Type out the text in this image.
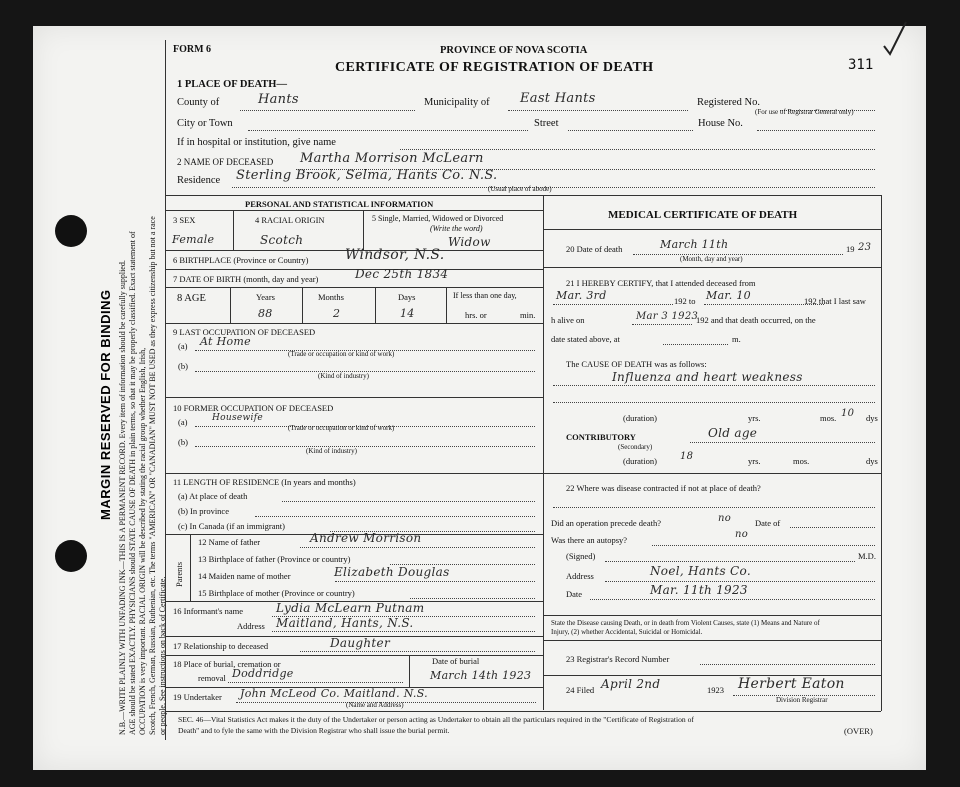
MARGIN RESERVED FOR BINDING N.B.—WRITE PLAINLY WITH UNFADING INK—THIS IS A PERMANENT RECORD. Every item of information should be carefully supplied. AGE should be stated EXACTLY. PHYSICIANS should STATE CAUSE OF DEATH in plain terms, so that it may be properly classified. Exact statement of OCCUPATION is very important. RACIAL ORIGIN will be described by stating the racial group whether English, Irish, Scotch, French, German, Russian, Ruthenian, etc. The terms "AMERICAN" OR "CANADIAN" MUST NOT BE USED as they express citizenship but not a race or people. See instructions on back of Certificate.
FORM 6	PROVINCE OF NOVA SCOTIA
CERTIFICATE OF REGISTRATION OF DEATH	311
1 PLACE OF DEATH—
County of	Hants	Municipality of East Hants	Registered No.
(For use of Registrar General only)
City or Town	Street	House No.
If in hospital or institution, give name
2 NAME OF DECEASED Martha Morrison McLearn
Residence Sterling Brook, Selma, Hants Co. N.S.
(Usual place of abode)
PERSONAL AND STATISTICAL INFORMATION
3 SEX	4 RACIAL ORIGIN	5 Single, Married, Widowed or Divorced
(Write the word)
Female	Scotch	Widow
6 BIRTHPLACE (Province or Country)	Windsor, N.S.
7 DATE OF BIRTH (month, day and year)	Dec 25th 1834
8 AGE	Years	Months	Days	If less than one day,
hrs. or	min.
88	2	14
9 LAST OCCUPATION OF DECEASED
(a) At Home
(Trade or occupation or kind of work)
(b)
(Kind of industry)
10 FORMER OCCUPATION OF DECEASED
(a)	Housewife
(Trade or occupation or kind of work)
(b)
(Kind of industry)
11 LENGTH OF RESIDENCE (In years and months)
(a) At place of death
(b) In province
(c) In Canada (if an immigrant)
Parents
12 Name of father	Andrew Morrison
13 Birthplace of father (Province or country)
14 Maiden name of mother	Elizabeth Douglas
15 Birthplace of mother (Province or country)
16 Informant's name	Lydia McLearn Putnam
Address Maitland, Hants, N.S.
17 Relationship to deceased	Daughter
18 Place of burial, cremation or
removal Doddridge
Date of burial
March 14th 1923
19 Undertaker John McLeod Co. Maitland. N.S.
(Name and Address)
MEDICAL CERTIFICATE OF DEATH
20 Date of death	March 11th	19 23
(Month, day and year)
21 I HEREBY CERTIFY, that I attended deceased from
Mar. 3rd	192 to Mar. 10	192 that I last saw
h alive on	Mar 3 1923
192 and that death occurred, on the
date stated above, at	m.
The CAUSE OF DEATH was as follows:
Influenza and heart weakness
(duration)	yrs.	mos. 10 dys
CONTRIBUTORY
(Secondary)
Old age
(duration) 18	yrs.	mos.	dys
22 Where was disease contracted if not at place of death?
Did an operation precede death?	no	Date of
Was there an autopsy?	no
(Signed)	M.D.
Address	Noel, Hants Co.
Date	Mar. 11th 1923
State the Disease causing Death, or in death from Violent Causes, state (1) Means and Nature of
Injury, (2) whether Accidental, Suicidal or Homicidal.
23 Registrar's Record Number
24 Filed April 2nd	1923 Herbert Eaton
Division Registrar
SEC. 46—Vital Statistics Act makes it the duty of the Undertaker or person acting as Undertaker to obtain all the particulars required in the "Certificate of Registration of
Death" and to fyle the same with the Division Registrar who shall issue the burial permit.	(OVER)
